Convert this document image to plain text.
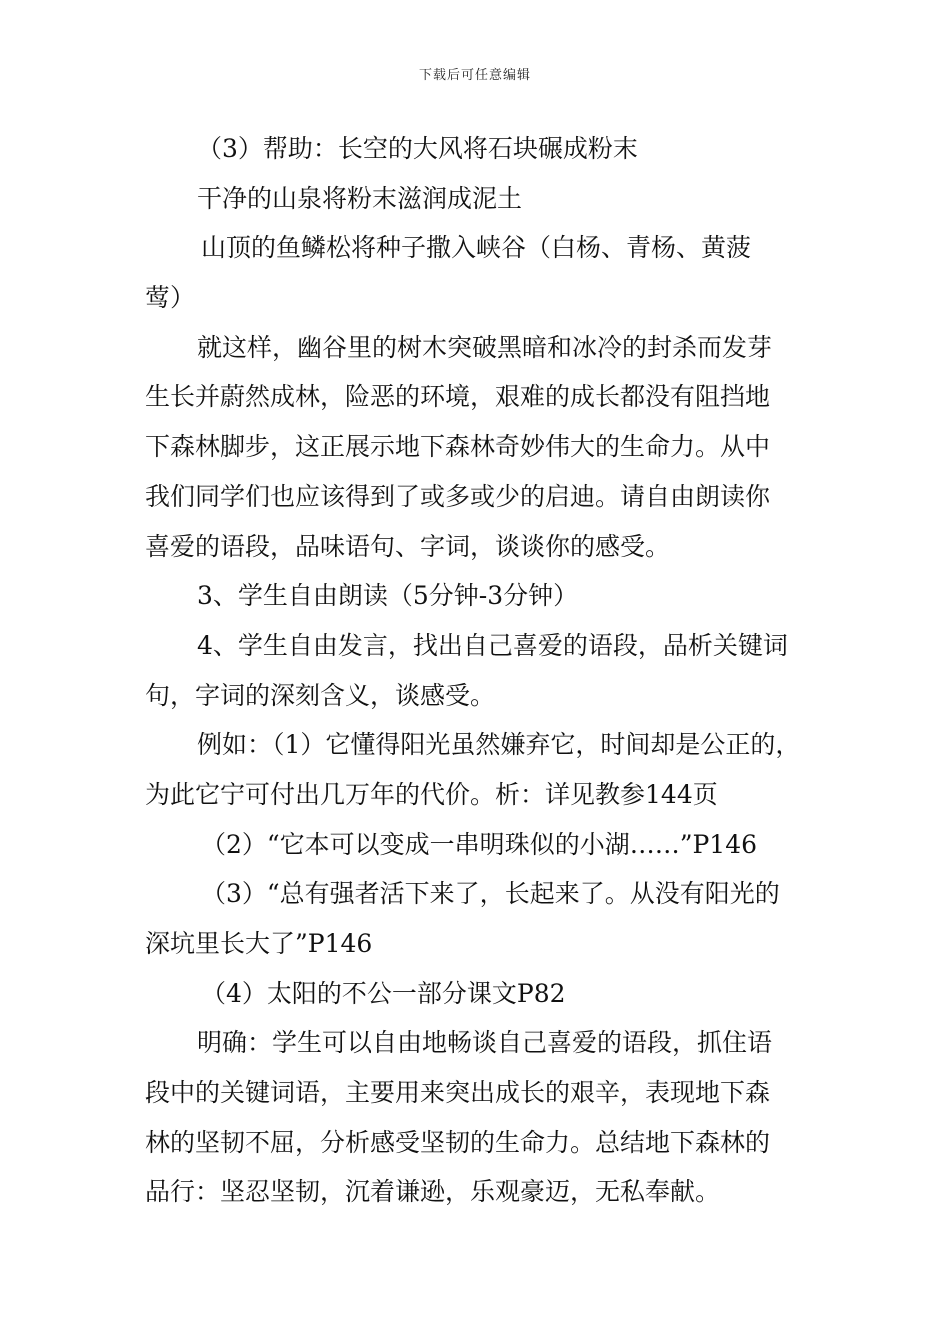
下载后可任意编辑
（3）帮助：长空的大风将石块碾成粉末
干净的山泉将粉末滋润成泥土
山顶的鱼鳞松将种子撒入峡谷（白杨、青杨、黄菠
莺）
就这样，幽谷里的树木突破黑暗和冰冷的封杀而发芽
生长并蔚然成林，险恶的环境，艰难的成长都没有阻挡地
下森林脚步，这正展示地下森林奇妙伟大的生命力。从中
我们同学们也应该得到了或多或少的启迪。请自由朗读你
喜爱的语段，品味语句、字词，谈谈你的感受。
3、学生自由朗读（5分钟-3分钟）
4、学生自由发言，找出自己喜爱的语段，品析关键词
句，字词的深刻含义，谈感受。
例如：（1）它懂得阳光虽然嫌弃它，时间却是公正的，
为此它宁可付出几万年的代价。析：详见教参144页
（2）“它本可以变成一串明珠似的小湖……”P146
（3）“总有强者活下来了，长起来了。从没有阳光的
深坑里长大了”P146
（4）太阳的不公一部分课文P82
明确：学生可以自由地畅谈自己喜爱的语段，抓住语
段中的关键词语，主要用来突出成长的艰辛，表现地下森
林的坚韧不屈，分析感受坚韧的生命力。总结地下森林的
品行：坚忍坚韧，沉着谦逊，乐观豪迈，无私奉献。
